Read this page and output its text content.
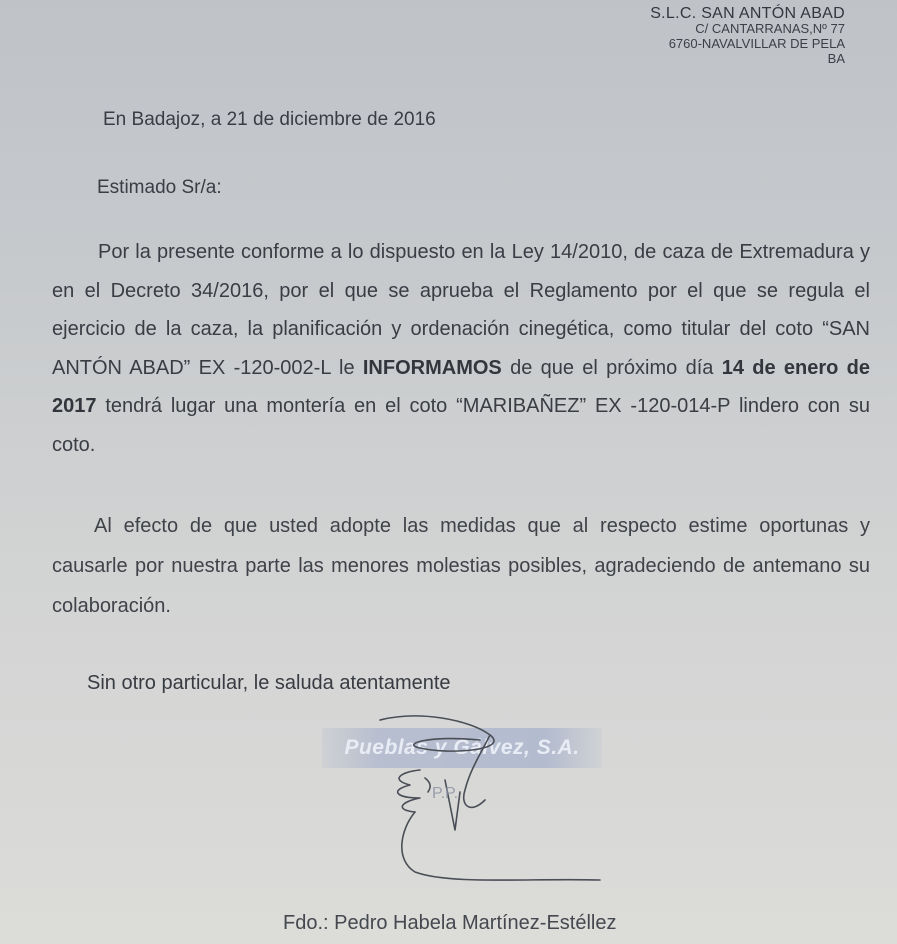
S.L.C. SAN ANTÓN ABAD
C/ CANTARRANAS,Nº 77
6760-NAVALVILLAR DE PELA
BA
En Badajoz, a 21 de diciembre de 2016
Estimado Sr/a:

Por la presente conforme a lo dispuesto en la Ley 14/2010, de caza de Extremadura y en el Decreto 34/2016, por el que se aprueba el Reglamento por el que se regula el ejercicio de la caza, la planificación y ordenación cinegética, como titular del coto “SAN ANTÓN ABAD” EX -120-002-L le INFORMAMOS de que el próximo día 14 de enero de 2017 tendrá lugar una montería en el coto “MARIBAÑEZ” EX -120-014-P lindero con su coto.

Al efecto de que usted adopte las medidas que al respecto estime oportunas y causarle por nuestra parte las menores molestias posibles, agradeciendo de antemano su colaboración.

Sin otro particular, le saluda atentamente
Pueblas y Gálvez, S.A.
P.P.
Fdo.: Pedro Habela Martínez-Estéllez
